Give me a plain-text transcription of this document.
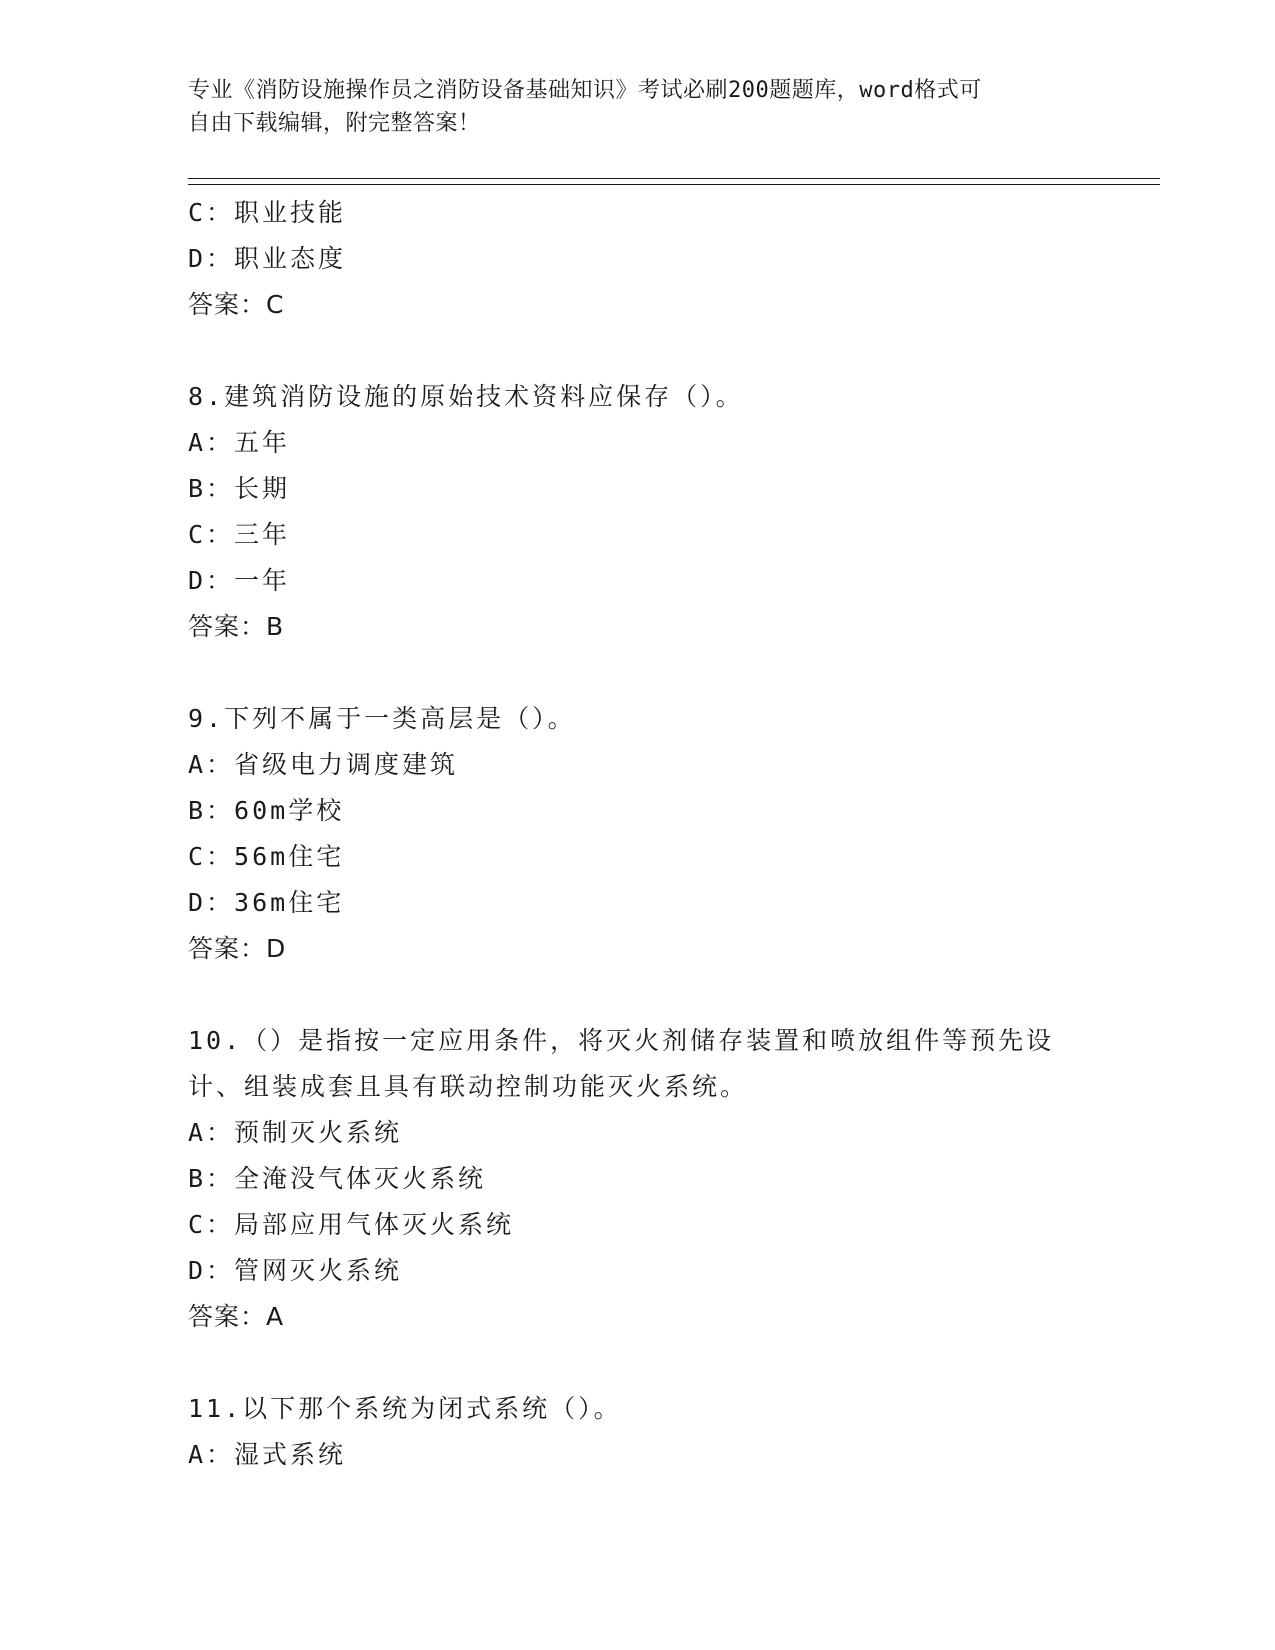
专业《消防设施操作员之消防设备基础知识》考试必刷200题题库，word格式可
自由下载编辑，附完整答案！
C：职业技能
D：职业态度
答案：C
8.建筑消防设施的原始技术资料应保存（）。
A：五年
B：长期
C：三年
D：一年
答案：B
9.下列不属于一类高层是（）。
A：省级电力调度建筑
B：60m学校
C：56m住宅
D：36m住宅
答案：D
10.（）是指按一定应用条件，将灭火剂储存装置和喷放组件等预先设
计、组装成套且具有联动控制功能灭火系统。
A：预制灭火系统
B：全淹没气体灭火系统
C：局部应用气体灭火系统
D：管网灭火系统
答案：A
11.以下那个系统为闭式系统（）。
A：湿式系统
